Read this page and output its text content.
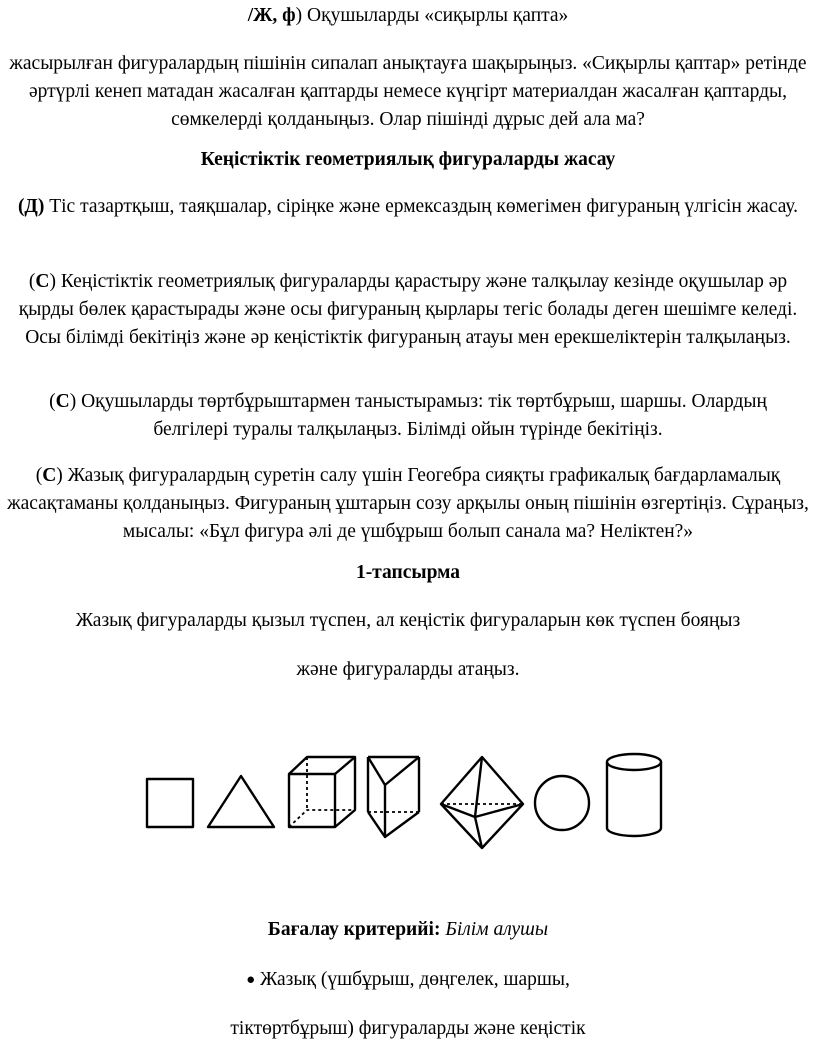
/Ж, ф) Оқушыларды «сиқырлы қапта»

жасырылған фигуралардың пішінін сипалап анықтауға шақырыңыз. «Сиқырлы қаптар» ретінде әртүрлі кенеп матадан жасалған қаптарды немесе күңгірт материалдан жасалған қаптарды, сөмкелерді қолданыңыз. Олар пішінді дұрыс дей ала ма?

Кеңістіктік геометриялық фигураларды жасау

(Д) Тіс тазартқыш, таяқшалар, сіріңке және ермексаздың көмегімен фигураның үлгісін жасау.

(С) Кеңістіктік геометриялық фигураларды қарастыру және талқылау кезінде оқушылар әр қырды бөлек қарастырады және осы фигураның қырлары тегіс болады деген шешімге келеді. Осы білімді бекітіңіз және әр кеңістіктік фигураның атауы мен ерекшеліктерін талқылаңыз.

(С) Оқушыларды төртбұрыштармен таныстырамыз: тік төртбұрыш, шаршы. Олардың белгілері туралы талқылаңыз. Білімді ойын түрінде бекітіңіз.

(С) Жазық фигуралардың суретін салу үшін Геогебра сияқты графикалық бағдарламалық жасақтаманы қолданыңыз. Фигураның ұштарын созу арқылы оның пішінін өзгертіңіз. Сұраңыз, мысалы: «Бұл фигура әлі де үшбұрыш болып санала ма? Неліктен?»

1-тапсырма

Жазық фигураларды қызыл түспен, ал кеңістік фигураларын көк түспен бояңыз

және фигураларды атаңыз.

Бағалау критерийі: Білім алушы

● Жазық (үшбұрыш, дөңгелек, шаршы,

тіктөртбұрыш) фигураларды және кеңістік
